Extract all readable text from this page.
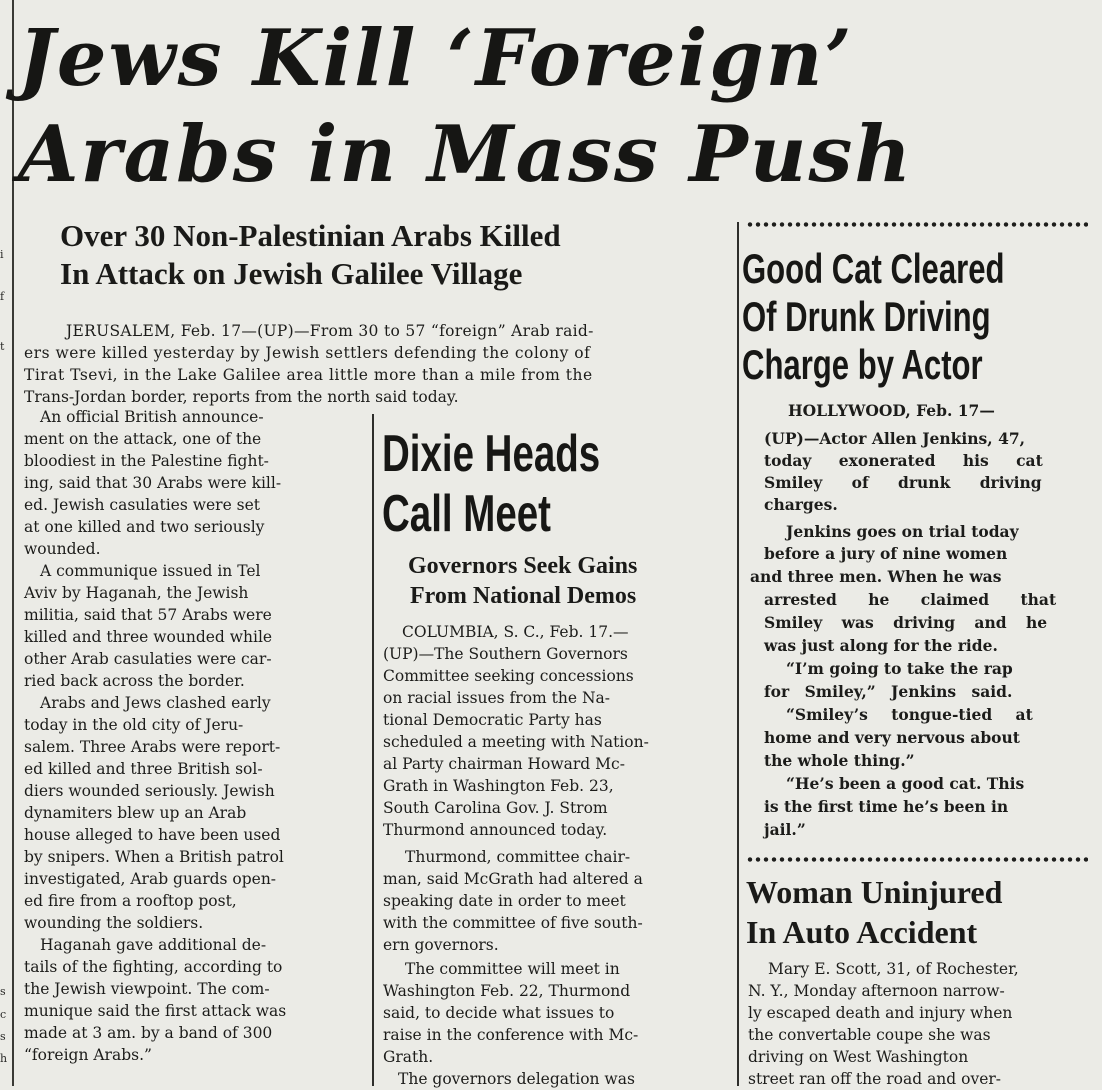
i
f
t
s
c
s
h
Jews Kill ‘Foreign’
Arabs in Mass Push
Over 30 Non-Palestinian Arabs Killed
In Attack on Jewish Galilee Village

JERUSALEM, Feb. 17—(UP)—From 30 to 57 “foreign” Arab raid-

ers were killed yesterday by Jewish settlers defending the colony of

Tirat Tsevi, in the Lake Galilee area little more than a mile from the

Trans-Jordan border, reports from the north said today.

An official British announce-

ment on the attack, one of the

bloodiest in the Palestine fight-

ing, said that 30 Arabs were kill-

ed. Jewish casulaties were set

at one killed and two seriously

wounded.

A communique issued in Tel

Aviv by Haganah, the Jewish

militia, said that 57 Arabs were

killed and three wounded while

other Arab casulaties were car-

ried back across the border.

Arabs and Jews clashed early

today in the old city of Jeru-

salem. Three Arabs were report-

ed killed and three British sol-

diers wounded seriously. Jewish

dynamiters blew up an Arab

house alleged to have been used

by snipers. When a British patrol

investigated, Arab guards open-

ed fire from a rooftop post,

wounding the soldiers.

Haganah gave additional de-

tails of the fighting, according to

the Jewish viewpoint. The com-

munique said the first attack was

made at 3 am. by a band of 300

“foreign Arabs.”

Dixie Heads
Call Meet
Governors Seek Gains
From National Demos

COLUMBIA, S. C., Feb. 17.—

(UP)—The Southern Governors

Committee seeking concessions

on racial issues from the Na-

tional Democratic Party has

scheduled a meeting with Nation-

al Party chairman Howard Mc-

Grath in Washington Feb. 23,

South Carolina Gov. J. Strom

Thurmond announced today.

Thurmond, committee chair-

man, said McGrath had altered a

speaking date in order to meet

with the committee of five south-

ern governors.

The committee will meet in

Washington Feb. 22, Thurmond

said, to decide what issues to

raise in the conference with Mc-

Grath.

The governors delegation was

Good Cat Cleared
Of Drunk Driving
Charge by Actor

HOLLYWOOD, Feb. 17—

(UP)—Actor Allen Jenkins, 47,

today exonerated his cat

Smiley of drunk driving

charges.

Jenkins goes on trial today

before a jury of nine women

and three men. When he was

arrested he claimed that

Smiley was driving and he

was just along for the ride.

“I’m going to take the rap

for Smiley,” Jenkins said.

“Smiley’s tongue-tied at

home and very nervous about

the whole thing.”

“He’s been a good cat. This

is the first time he’s been in

jail.”

Woman Uninjured
In Auto Accident

Mary E. Scott, 31, of Rochester,

N. Y., Monday afternoon narrow-

ly escaped death and injury when

the convertable coupe she was

driving on West Washington

street ran off the road and over-
